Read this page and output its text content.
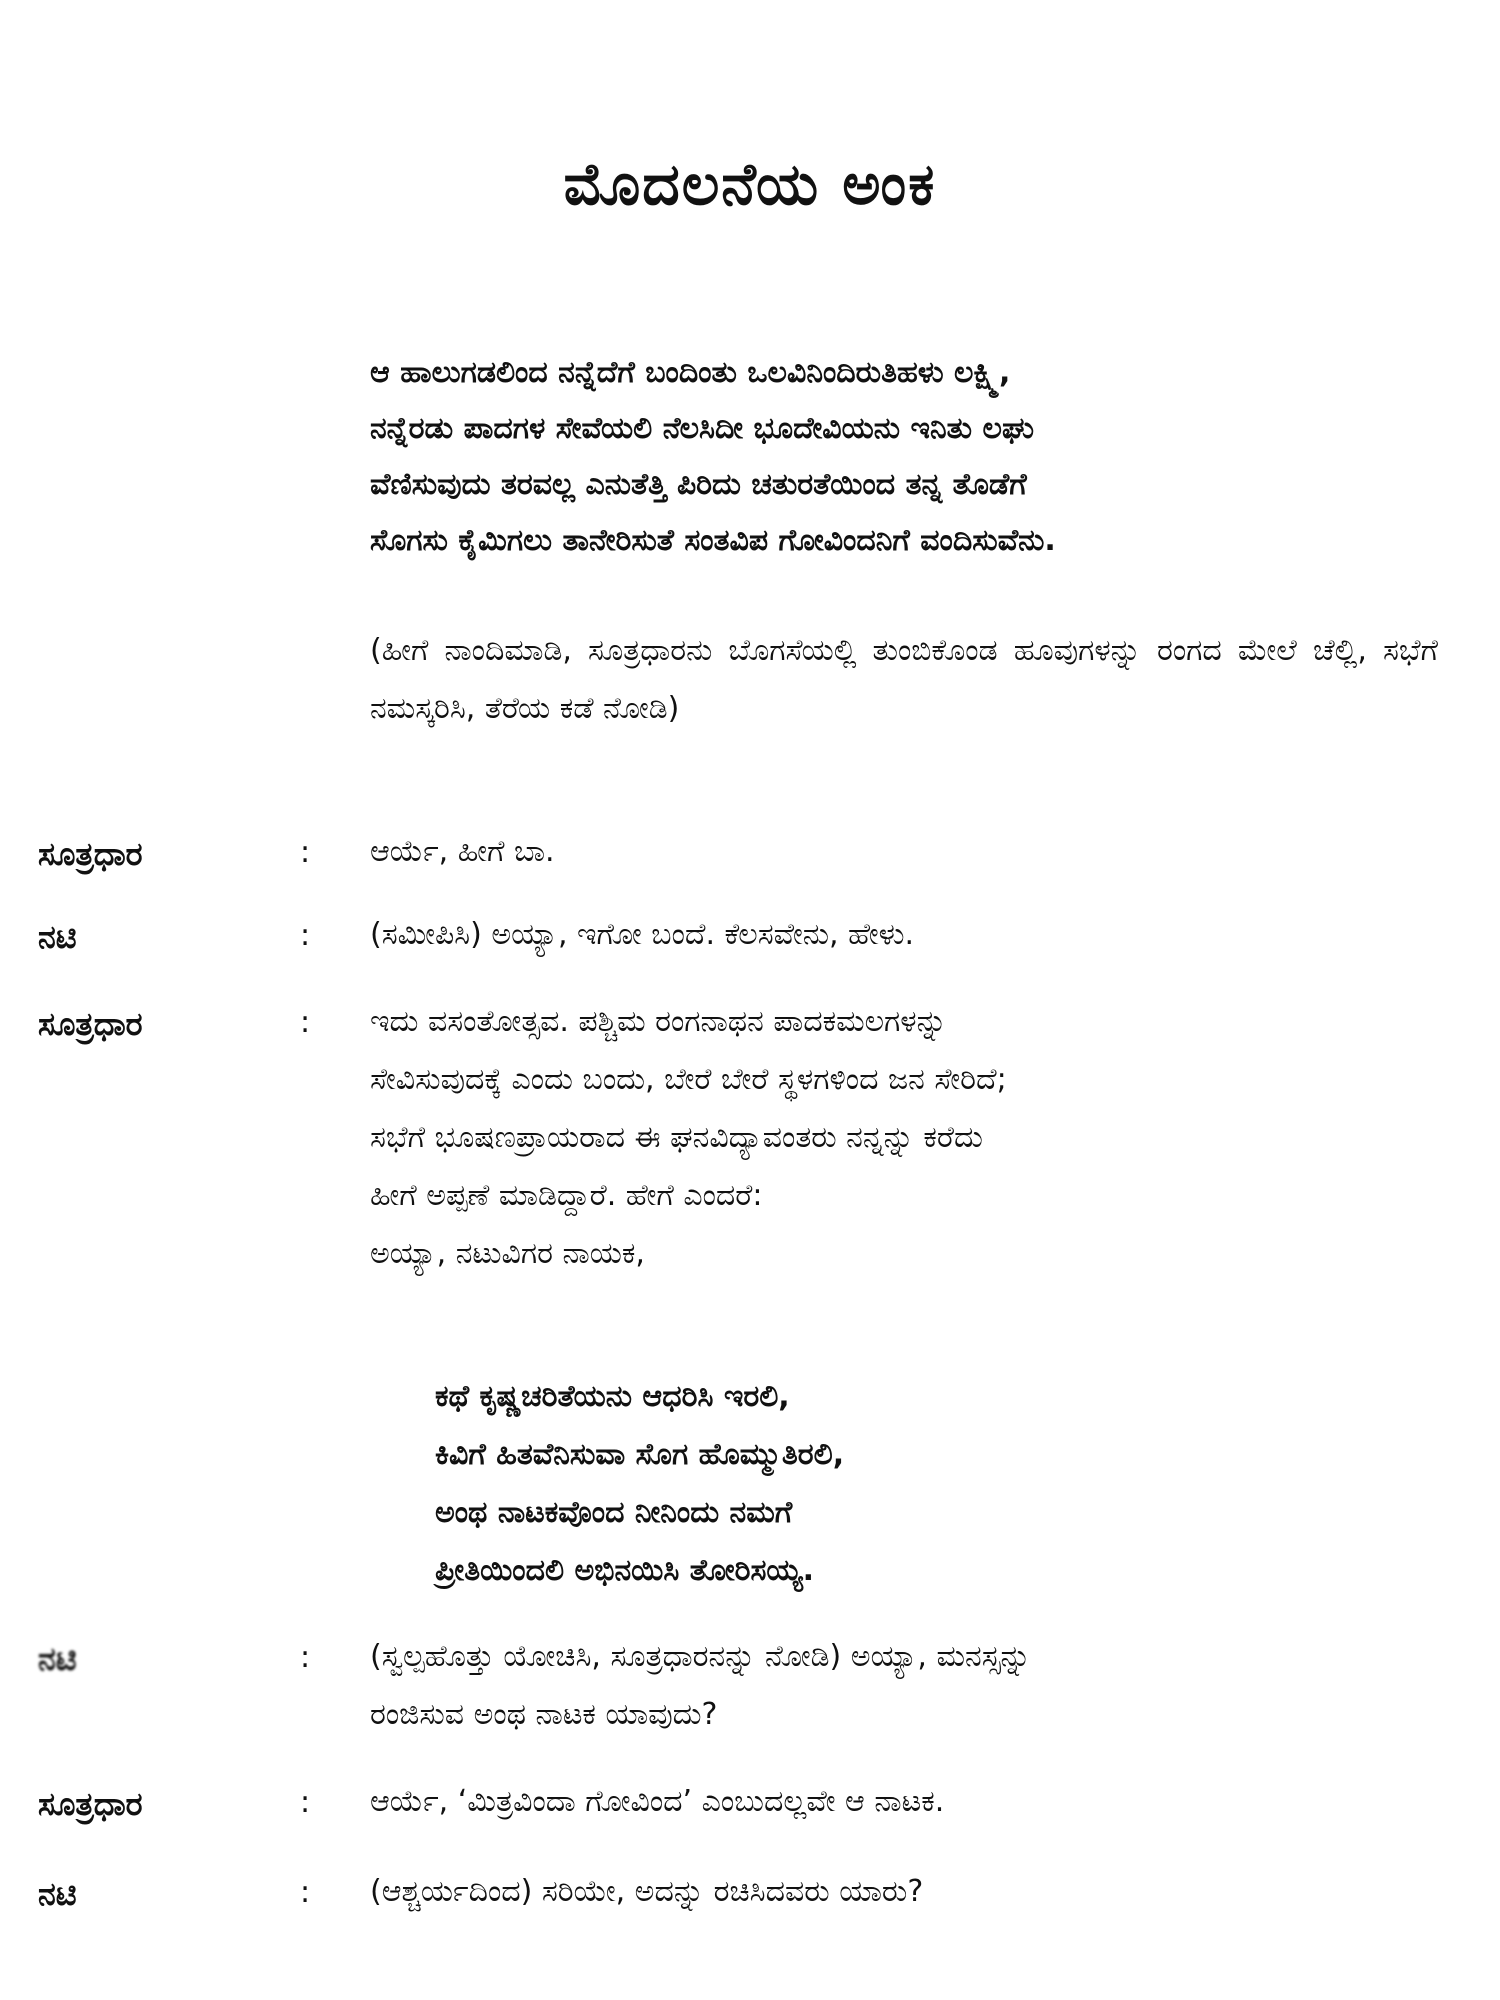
ಮೊದಲನೆಯ ಅಂಕ
ಆ ಹಾಲುಗಡಲಿಂದ ನನ್ನೆದೆಗೆ ಬಂದಿಂತು ಒಲವಿನಿಂದಿರುತಿಹಳು ಲಕ್ಷ್ಮಿ,
ನನ್ನೆರಡು ಪಾದಗಳ ಸೇವೆಯಲಿ ನೆಲಸಿದೀ ಭೂದೇವಿಯನು ಇನಿತು ಲಘು
ವೆಣಿಸುವುದು ತರವಲ್ಲ ಎನುತೆತ್ತಿ ಪಿರಿದು ಚತುರತೆಯಿಂದ ತನ್ನ ತೊಡೆಗೆ
ಸೊಗಸು ಕೈಮಿಗಲು ತಾನೇರಿಸುತೆ ಸಂತವಿಪ ಗೋವಿಂದನಿಗೆ ವಂದಿಸುವೆನು.
(ಹೀಗೆ ನಾಂದಿಮಾಡಿ, ಸೂತ್ರಧಾರನು ಬೊಗಸೆಯಲ್ಲಿ ತುಂಬಿಕೊಂಡ ಹೂವುಗಳನ್ನು ರಂಗದ ಮೇಲೆ ಚೆಲ್ಲಿ, ಸಭೆಗೆ ನಮಸ್ಕರಿಸಿ, ತೆರೆಯ ಕಡೆ ನೋಡಿ)
ಸೂತ್ರಧಾರ	: ಆರ್ಯೆ, ಹೀಗೆ ಬಾ.
ನಟಿ	: (ಸಮೀಪಿಸಿ) ಅಯ್ಯಾ, ಇಗೋ ಬಂದೆ. ಕೆಲಸವೇನು, ಹೇಳು.
ಸೂತ್ರಧಾರ	: ಇದು ವಸಂತೋತ್ಸವ. ಪಶ್ಚಿಮ ರಂಗನಾಥನ ಪಾದಕಮಲಗಳನ್ನು
ಸೇವಿಸುವುದಕ್ಕೆ ಎಂದು ಬಂದು, ಬೇರೆ ಬೇರೆ ಸ್ಥಳಗಳಿಂದ ಜನ ಸೇರಿದೆ;
ಸಭೆಗೆ ಭೂಷಣಪ್ರಾಯರಾದ ಈ ಘನವಿದ್ಯಾವಂತರು ನನ್ನನ್ನು ಕರೆದು
ಹೀಗೆ ಅಪ್ಪಣೆ ಮಾಡಿದ್ದಾರೆ. ಹೇಗೆ ಎಂದರೆ:
ಅಯ್ಯಾ, ನಟುವಿಗರ ನಾಯಕ,
ಕಥೆ ಕೃಷ್ಣಚರಿತೆಯನು ಆಧರಿಸಿ ಇರಲಿ,
ಕಿವಿಗೆ ಹಿತವೆನಿಸುವಾ ಸೊಗ ಹೊಮ್ಮುತಿರಲಿ,
ಅಂಥ ನಾಟಕವೊಂದ ನೀನಿಂದು ನಮಗೆ
ಪ್ರೀತಿಯಿಂದಲಿ ಅಭಿನಯಿಸಿ ತೋರಿಸಯ್ಯ.
ನಟಿ	: (ಸ್ವಲ್ಪಹೊತ್ತು ಯೋಚಿಸಿ, ಸೂತ್ರಧಾರನನ್ನು ನೋಡಿ) ಅಯ್ಯಾ, ಮನಸ್ಸನ್ನು
ರಂಜಿಸುವ ಅಂಥ ನಾಟಕ ಯಾವುದು?
ಸೂತ್ರಧಾರ	: ಆರ್ಯೆ, ‘ಮಿತ್ರವಿಂದಾ ಗೋವಿಂದ’ ಎಂಬುದಲ್ಲವೇ ಆ ನಾಟಕ.
ನಟಿ	: (ಆಶ್ಚರ್ಯದಿಂದ) ಸರಿಯೇ, ಅದನ್ನು ರಚಿಸಿದವರು ಯಾರು?
